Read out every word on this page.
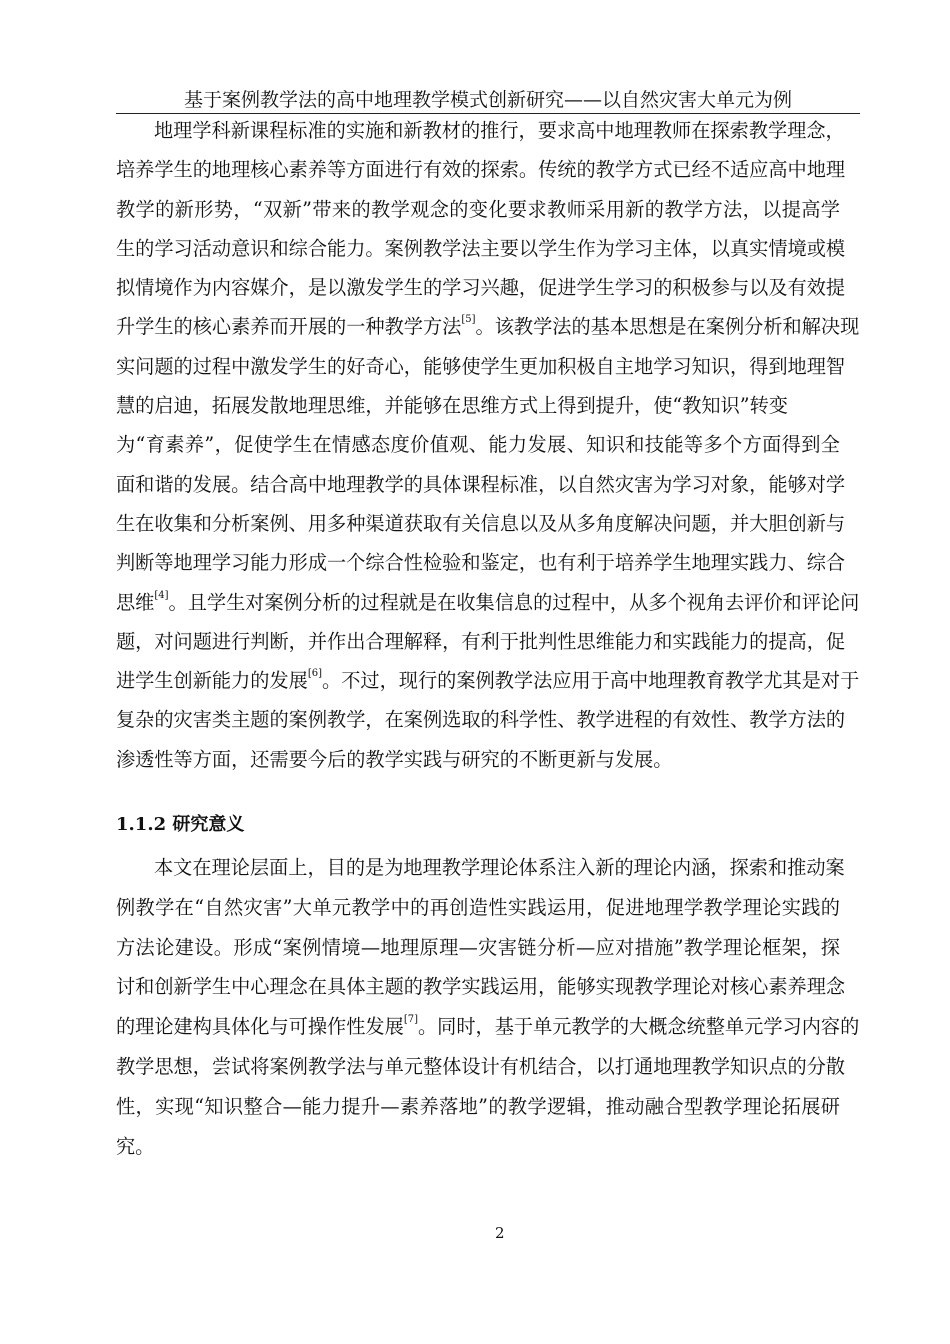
基于案例教学法的高中地理教学模式创新研究——以自然灾害大单元为例
地理学科新课程标准的实施和新教材的推行，要求高中地理教师在探索教学理念，
培养学生的地理核心素养等方面进行有效的探索。传统的教学方式已经不适应高中地理
教学的新形势，“双新”带来的教学观念的变化要求教师采用新的教学方法，以提高学
生的学习活动意识和综合能力。案例教学法主要以学生作为学习主体，以真实情境或模
拟情境作为内容媒介，是以激发学生的学习兴趣，促进学生学习的积极参与以及有效提
升学生的核心素养而开展的一种教学方法[5]。该教学法的基本思想是在案例分析和解决现
实问题的过程中激发学生的好奇心，能够使学生更加积极自主地学习知识，得到地理智
慧的启迪，拓展发散地理思维，并能够在思维方式上得到提升，使“教知识”转变
为“育素养”，促使学生在情感态度价值观、能力发展、知识和技能等多个方面得到全
面和谐的发展。结合高中地理教学的具体课程标准，以自然灾害为学习对象，能够对学
生在收集和分析案例、用多种渠道获取有关信息以及从多角度解决问题，并大胆创新与
判断等地理学习能力形成一个综合性检验和鉴定，也有利于培养学生地理实践力、综合
思维[4]。且学生对案例分析的过程就是在收集信息的过程中，从多个视角去评价和评论问
题，对问题进行判断，并作出合理解释，有利于批判性思维能力和实践能力的提高，促
进学生创新能力的发展[6]。不过，现行的案例教学法应用于高中地理教育教学尤其是对于
复杂的灾害类主题的案例教学，在案例选取的科学性、教学进程的有效性、教学方法的
渗透性等方面，还需要今后的教学实践与研究的不断更新与发展。
1.1.2 研究意义
本文在理论层面上，目的是为地理教学理论体系注入新的理论内涵，探索和推动案
例教学在“自然灾害”大单元教学中的再创造性实践运用，促进地理学教学理论实践的
方法论建设。形成“案例情境—地理原理—灾害链分析—应对措施”教学理论框架，探
讨和创新学生中心理念在具体主题的教学实践运用，能够实现教学理论对核心素养理念
的理论建构具体化与可操作性发展[7]。同时，基于单元教学的大概念统整单元学习内容的
教学思想，尝试将案例教学法与单元整体设计有机结合，以打通地理教学知识点的分散
性，实现“知识整合—能力提升—素养落地”的教学逻辑，推动融合型教学理论拓展研
究。
2
